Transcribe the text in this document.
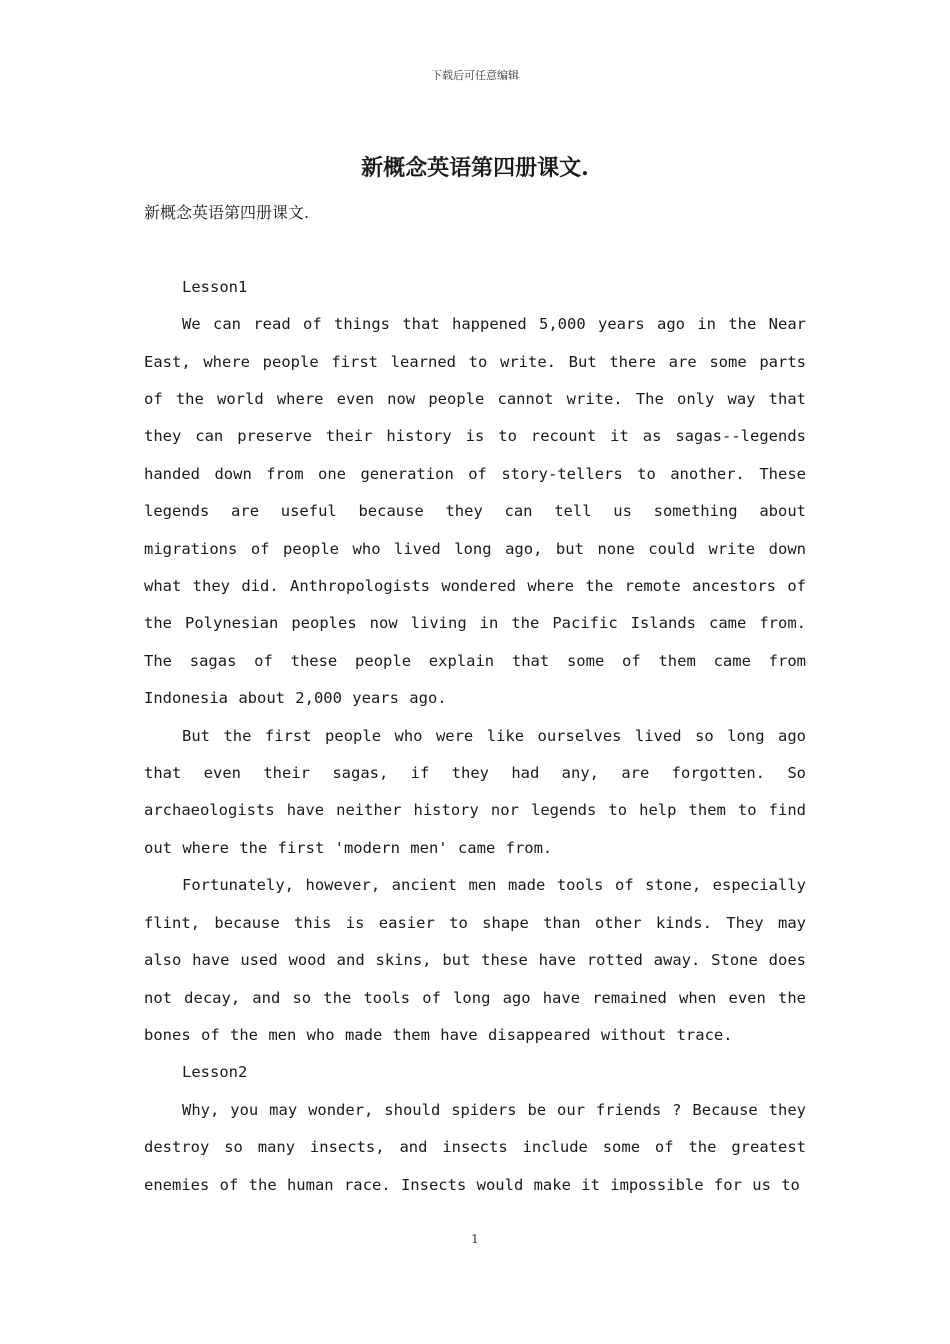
下载后可任意编辑
新概念英语第四册课文.

新概念英语第四册课文.

Lesson1

We can read of things that happened 5,000 years ago in the Near East, where people first learned to write. But there are some parts of the world where even now people cannot write. The only way that they can preserve their history is to recount it as sagas--legends handed down from one generation of story-tellers to another. These legends are useful because they can tell us something about migrations of people who lived long ago, but none could write down what they did. Anthropologists wondered where the remote ancestors of the Polynesian peoples now living in the Pacific Islands came from. The sagas of these people explain that some of them came from Indonesia about 2,000 years ago.

But the first people who were like ourselves lived so long ago that even their sagas, if they had any, are forgotten. So archaeologists have neither history nor legends to help them to find out where the first 'modern men' came from.

Fortunately, however, ancient men made tools of stone, especially flint, because this is easier to shape than other kinds. They may also have used wood and skins, but these have rotted away. Stone does not decay, and so the tools of long ago have remained when even the bones of the men who made them have disappeared without trace.

Lesson2

Why, you may wonder, should spiders be our friends ? Because they destroy so many insects, and insects include some of the greatest enemies of the human race. Insects would make it impossible for us to

1
